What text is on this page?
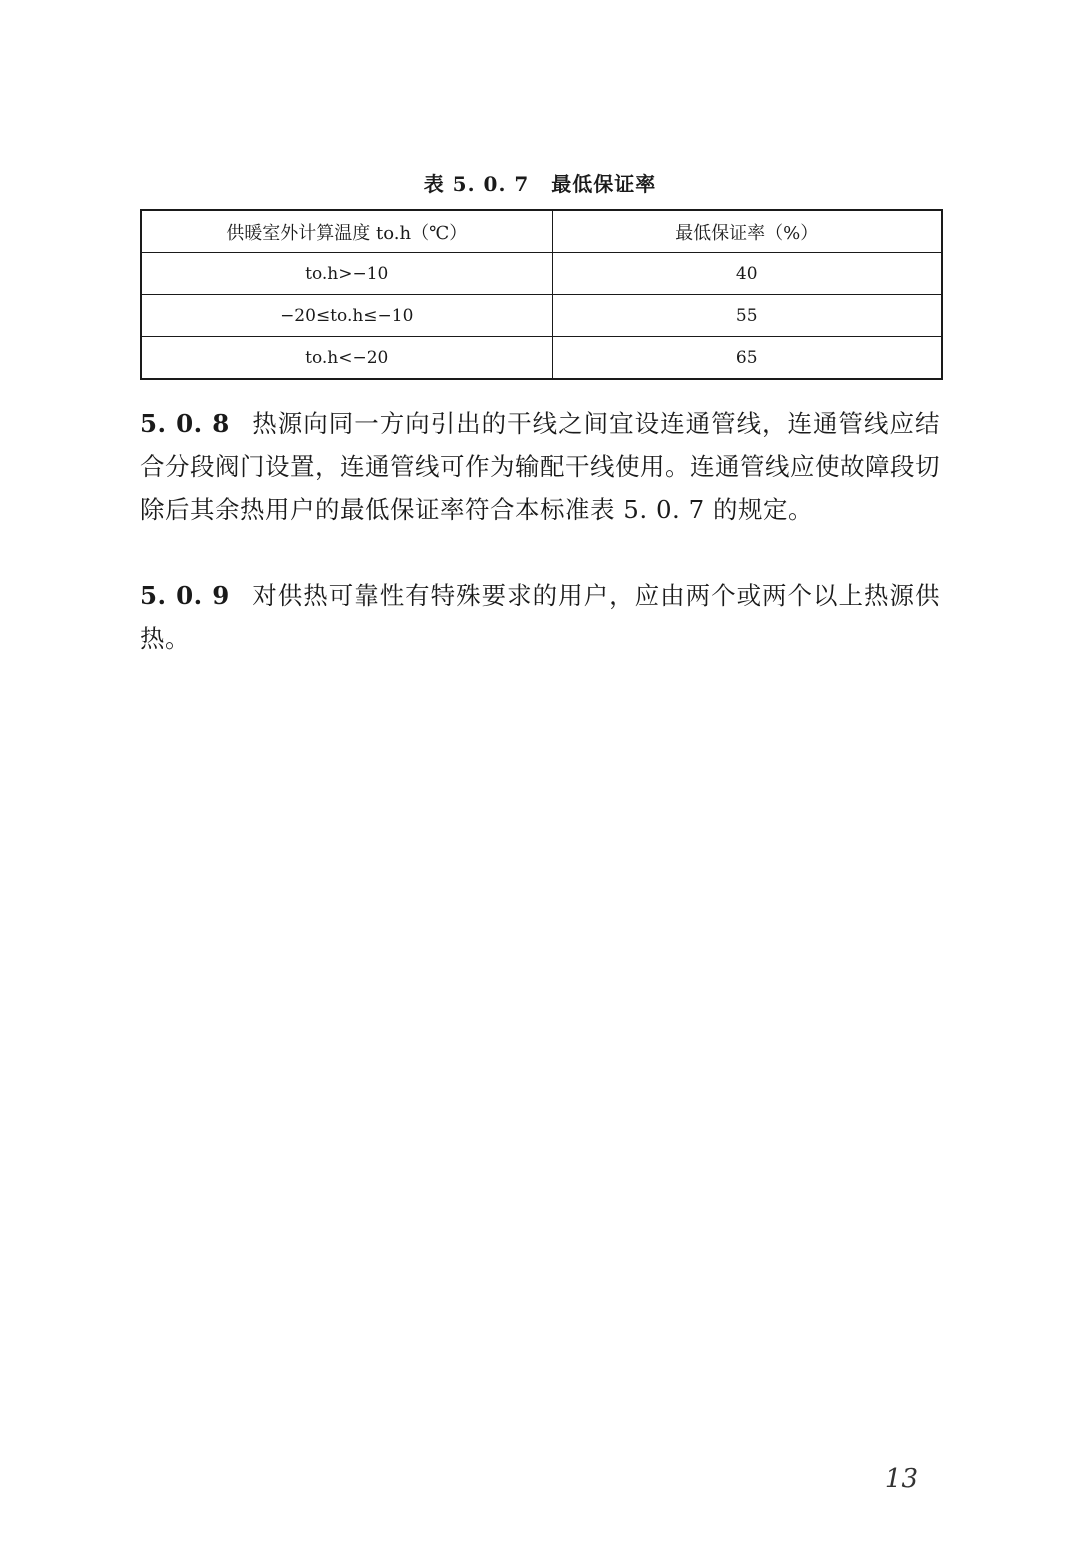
表 5. 0. 7 最低保证率
供暖室外计算温度 to.h（℃）	最低保证率（%）
to.h>−10	40
−20≤to.h≤−10	55
to.h<−20	65

5. 0. 8 热源向同一方向引出的干线之间宜设连通管线，连通管线应结合分段阀门设置，连通管线可作为输配干线使用。连通管线应使故障段切除后其余热用户的最低保证率符合本标准表 5. 0. 7 的规定。

5. 0. 9 对供热可靠性有特殊要求的用户，应由两个或两个以上热源供热。

13
